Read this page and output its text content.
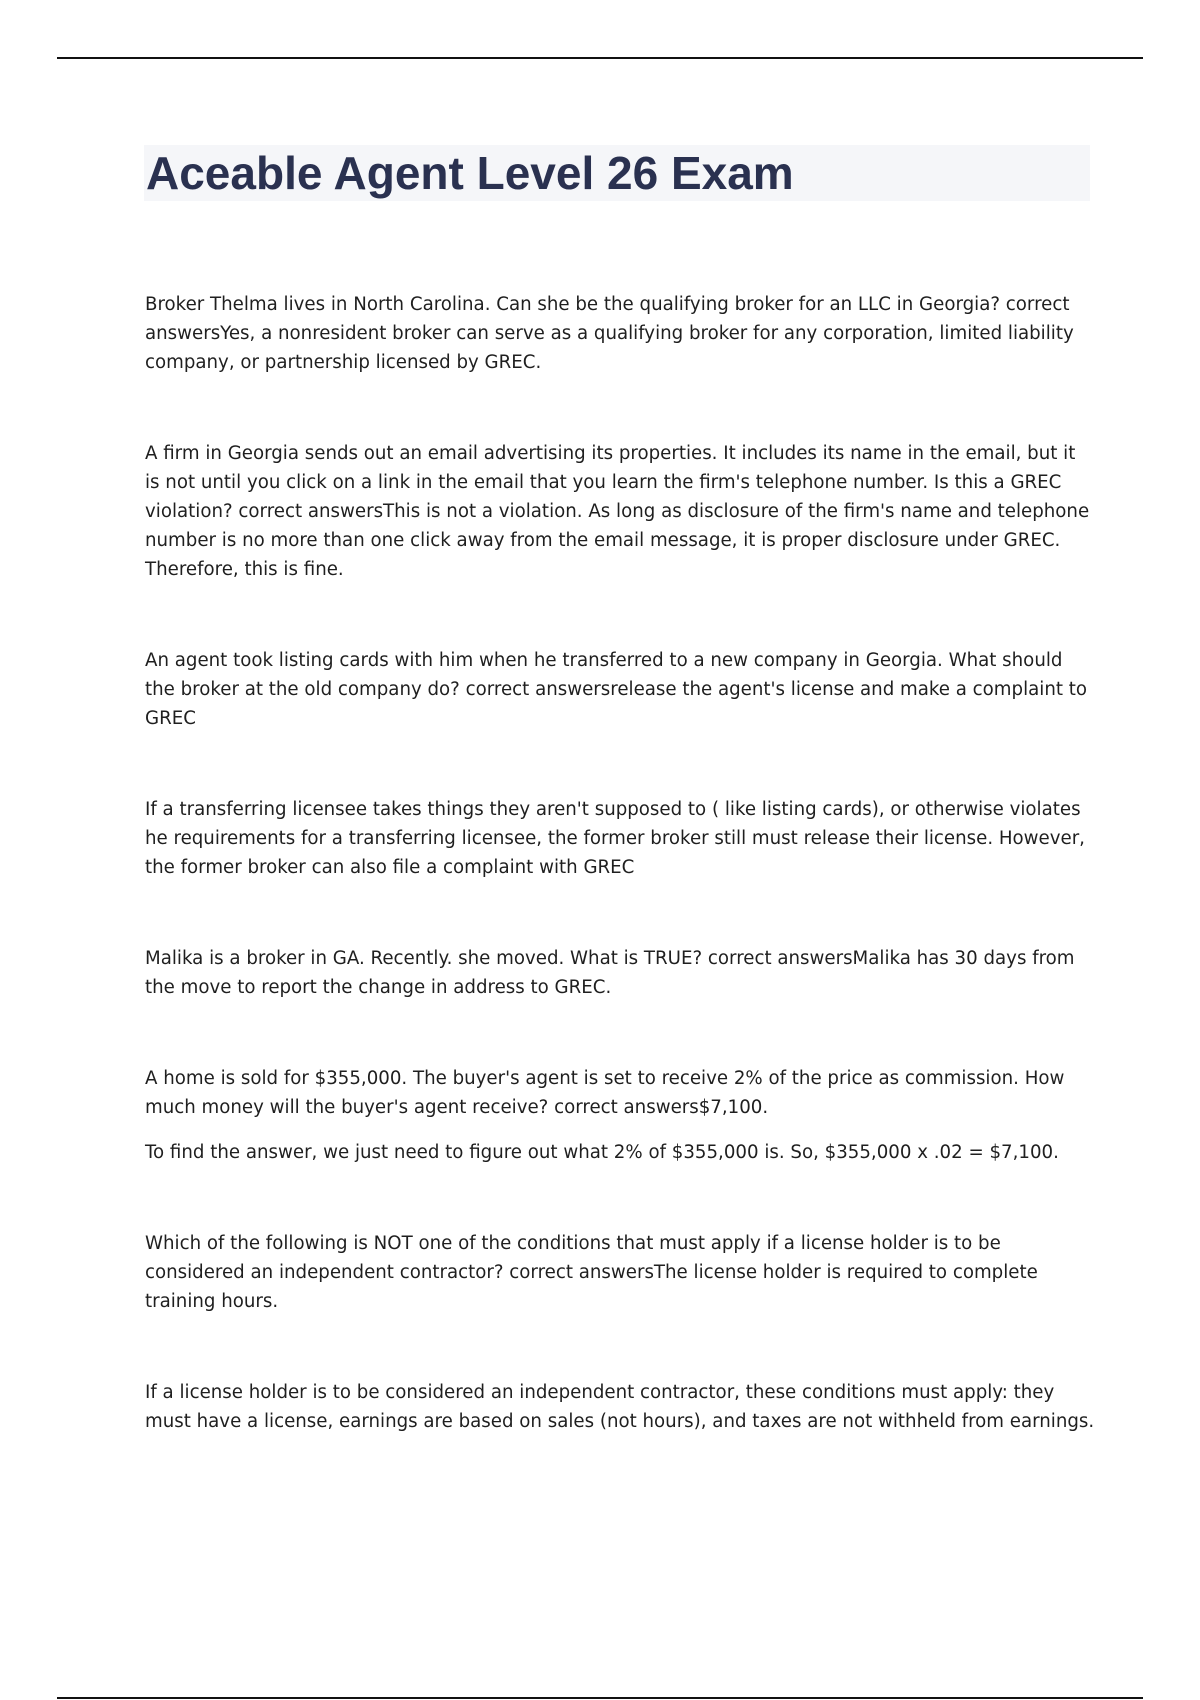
Aceable Agent Level 26 Exam

Broker Thelma lives in North Carolina. Can she be the qualifying broker for an LLC in Georgia? correct answersYes, a nonresident broker can serve as a qualifying broker for any corporation, limited liability company, or partnership licensed by GREC.

A firm in Georgia sends out an email advertising its properties. It includes its name in the email, but it is not until you click on a link in the email that you learn the firm's telephone number. Is this a GREC violation? correct answersThis is not a violation. As long as disclosure of the firm's name and telephone number is no more than one click away from the email message, it is proper disclosure under GREC. Therefore, this is fine.

An agent took listing cards with him when he transferred to a new company in Georgia. What should the broker at the old company do? correct answersrelease the agent's license and make a complaint to GREC

If a transferring licensee takes things they aren't supposed to ( like listing cards), or otherwise violates he requirements for a transferring licensee, the former broker still must release their license. However, the former broker can also file a complaint with GREC

Malika is a broker in GA. Recently. she moved. What is TRUE? correct answersMalika has 30 days from the move to report the change in address to GREC.

A home is sold for $355,000. The buyer's agent is set to receive 2% of the price as commission. How much money will the buyer's agent receive? correct answers$7,100.

To find the answer, we just need to figure out what 2% of $355,000 is. So, $355,000 x .02 = $7,100.

Which of the following is NOT one of the conditions that must apply if a license holder is to be considered an independent contractor? correct answersThe license holder is required to complete training hours.

If a license holder is to be considered an independent contractor, these conditions must apply: they must have a license, earnings are based on sales (not hours), and taxes are not withheld from earnings.
